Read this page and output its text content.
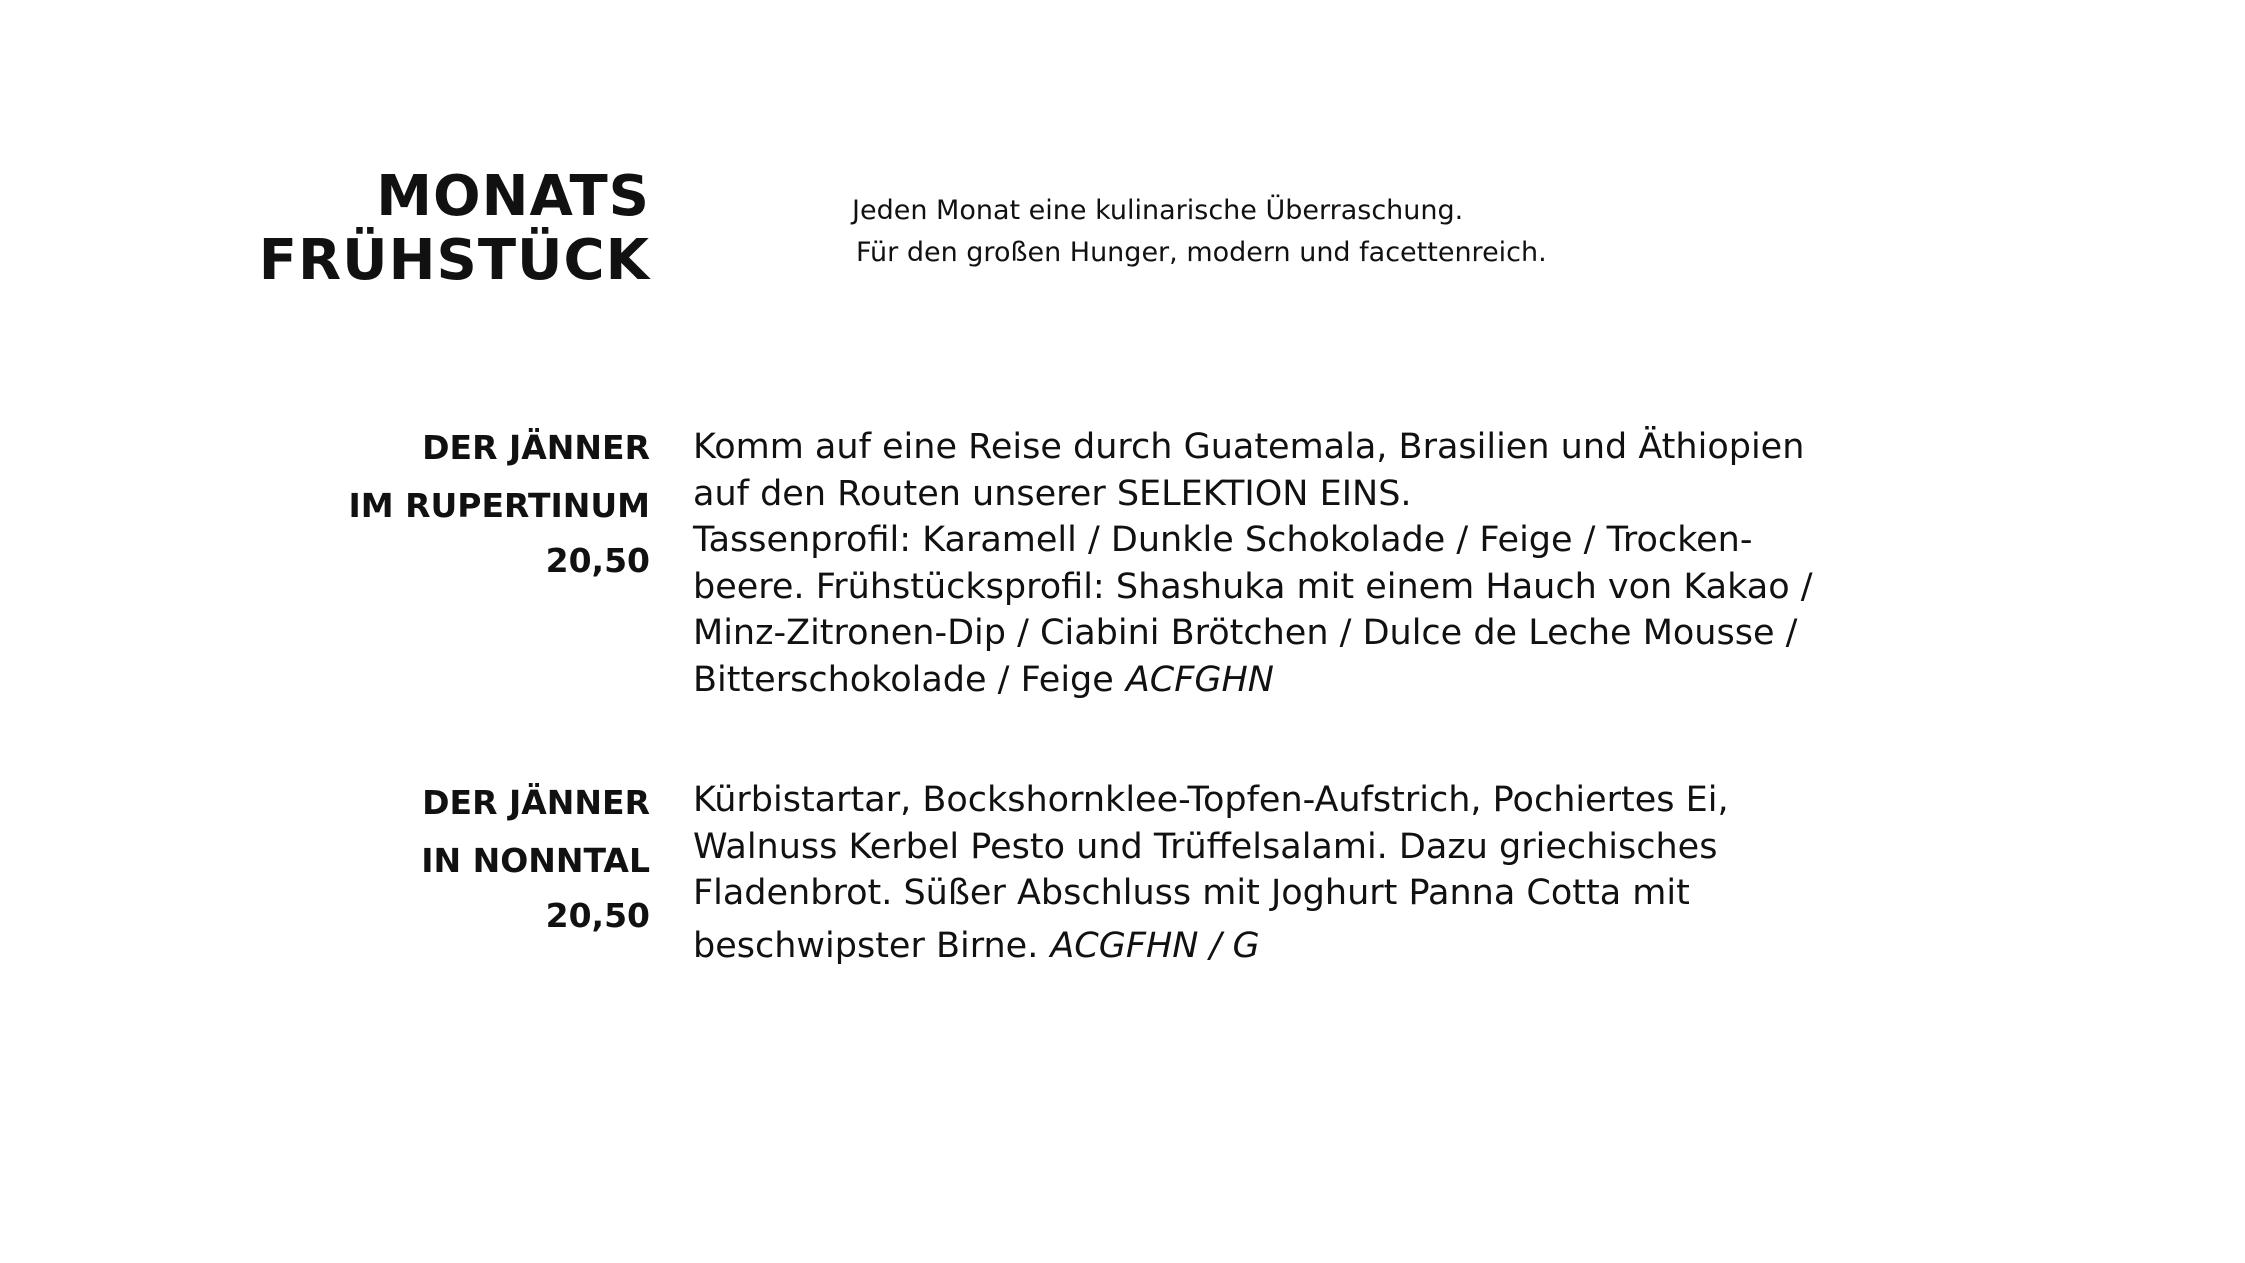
MONATS
FRÜHSTÜCK

Jeden Monat eine kulinarische Überraschung.
Für den großen Hunger, modern und facettenreich.

DER JÄNNER
IM RUPERTINUM
20,50
Komm auf eine Reise durch Guatemala, Brasilien und Äthiopien
auf den Routen unserer SELEKTION EINS.
Tassenprofil: Karamell / Dunkle Schokolade / Feige / Trocken-
beere. Frühstücksprofil: Shashuka mit einem Hauch von Kakao /
Minz-Zitronen-Dip / Ciabini Brötchen / Dulce de Leche Mousse /
Bitterschokolade / Feige ACFGHN
DER JÄNNER
IN NONNTAL
20,50
Kürbistartar, Bockshornklee-Topfen-Aufstrich, Pochiertes Ei,
Walnuss Kerbel Pesto und Trüffelsalami. Dazu griechisches
Fladenbrot. Süßer Abschluss mit Joghurt Panna Cotta mit
beschwipster Birne. ACGFHN / G
